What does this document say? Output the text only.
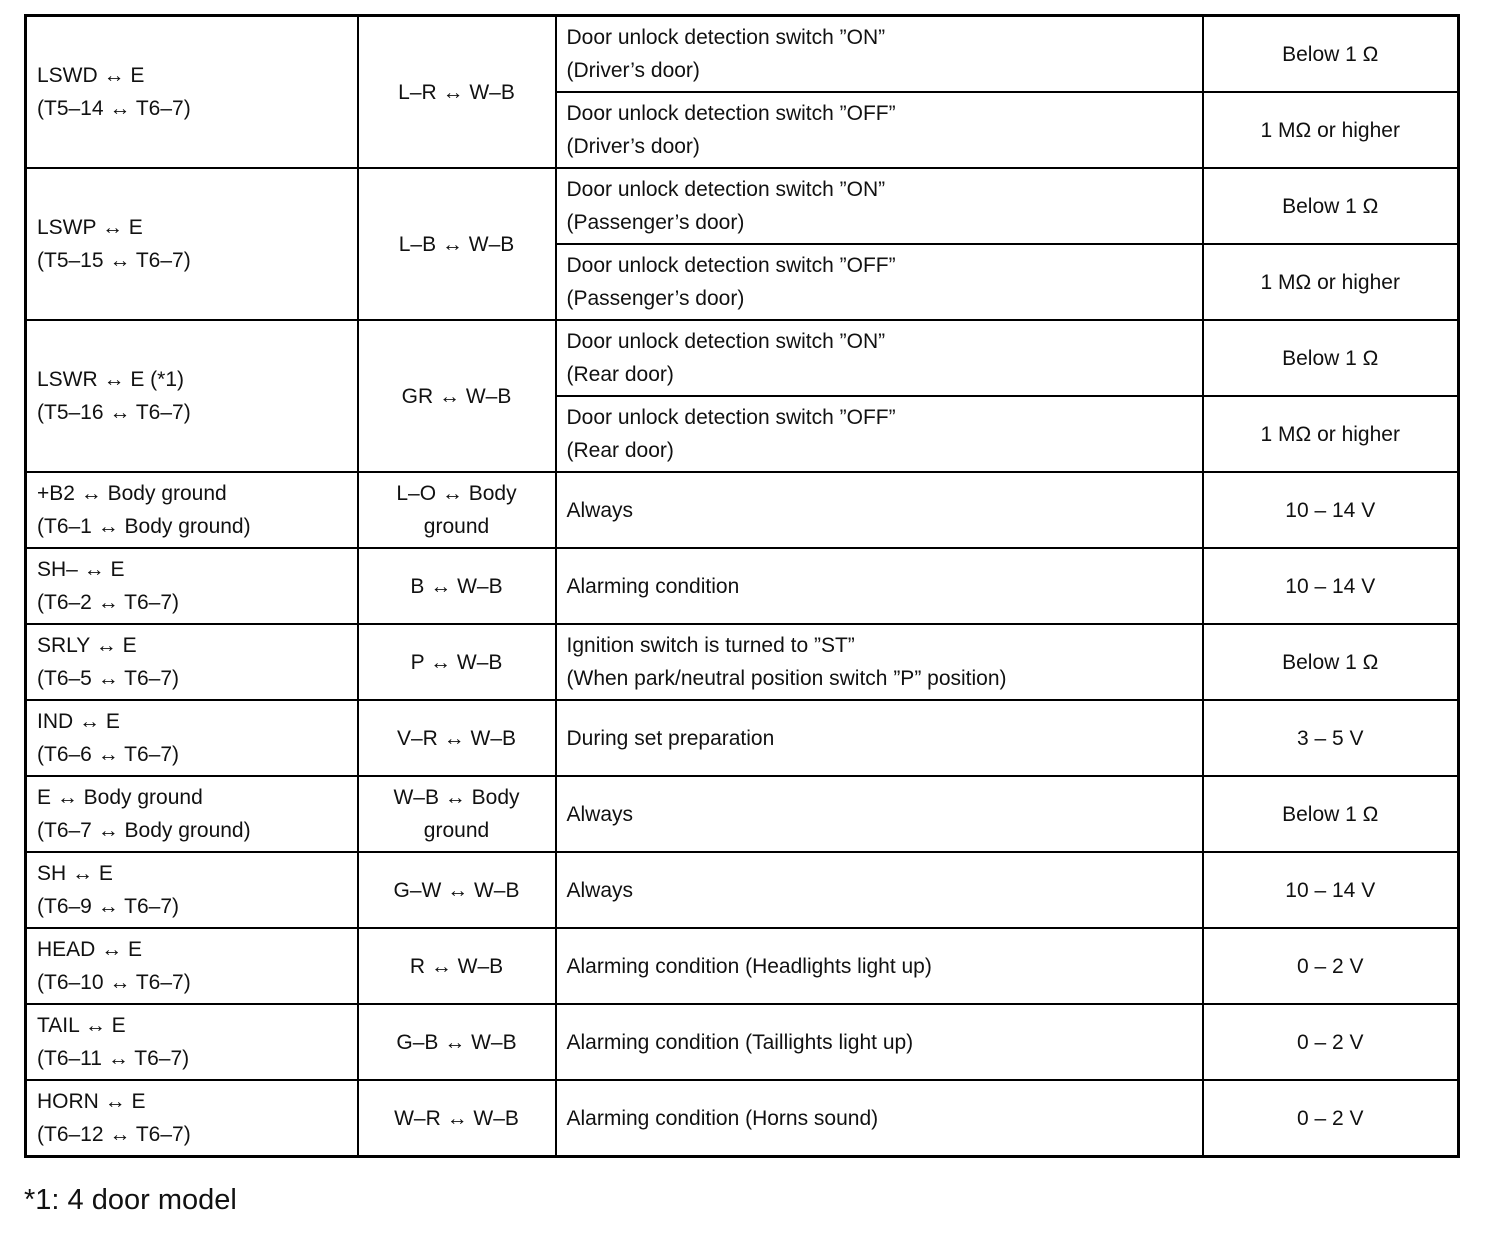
LSWD ↔ E
(T5–14 ↔ T6–7)	L–R ↔ W–B	Door unlock detection switch ”ON”
(Driver’s door)	Below 1 Ω

		Door unlock detection switch ”OFF”
(Driver’s door)	1 MΩ or higher

LSWP ↔ E
(T5–15 ↔ T6–7)	L–B ↔ W–B	Door unlock detection switch ”ON”
(Passenger’s door)	Below 1 Ω

		Door unlock detection switch ”OFF”
(Passenger’s door)	1 MΩ or higher

LSWR ↔ E (*1)
(T5–16 ↔ T6–7)	GR ↔ W–B	Door unlock detection switch ”ON”
(Rear door)	Below 1 Ω

		Door unlock detection switch ”OFF”
(Rear door)	1 MΩ or higher

+B2 ↔ Body ground
(T6–1 ↔ Body ground)	L–O ↔ Body
ground	Always	10 – 14 V

SH– ↔ E
(T6–2 ↔ T6–7)	B ↔ W–B	Alarming condition	10 – 14 V

SRLY ↔ E
(T6–5 ↔ T6–7)	P ↔ W–B	Ignition switch is turned to ”ST”
(When park/neutral position switch ”P” position)	Below 1 Ω

IND ↔ E
(T6–6 ↔ T6–7)	V–R ↔ W–B	During set preparation	3 – 5 V

E ↔ Body ground
(T6–7 ↔ Body ground)	W–B ↔ Body
ground	Always	Below 1 Ω

SH ↔ E
(T6–9 ↔ T6–7)	G–W ↔ W–B	Always	10 – 14 V

HEAD ↔ E
(T6–10 ↔ T6–7)	R ↔ W–B	Alarming condition (Headlights light up)	0 – 2 V

TAIL ↔ E
(T6–11 ↔ T6–7)	G–B ↔ W–B	Alarming condition (Taillights light up)	0 – 2 V

HORN ↔ E
(T6–12 ↔ T6–7)	W–R ↔ W–B	Alarming condition (Horns sound)	0 – 2 V
*1: 4 door model
